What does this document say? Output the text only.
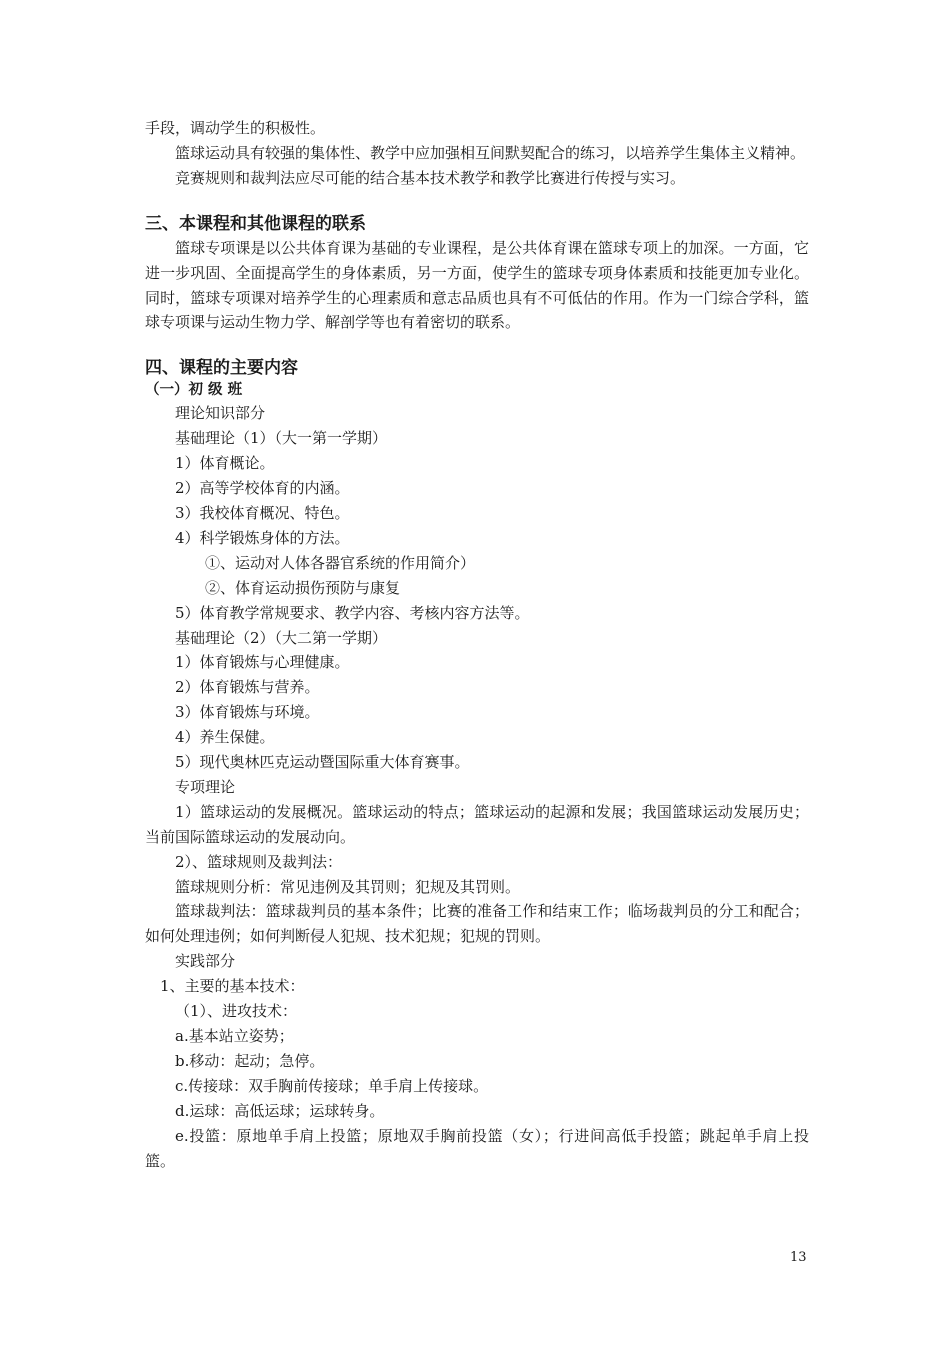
手段，调动学生的积极性。

篮球运动具有较强的集体性、教学中应加强相互间默契配合的练习，以培养学生集体主义精神。

竞赛规则和裁判法应尽可能的结合基本技术教学和教学比赛进行传授与实习。

三、本课程和其他课程的联系

篮球专项课是以公共体育课为基础的专业课程，是公共体育课在篮球专项上的加深。一方面，它进一步巩固、全面提高学生的身体素质，另一方面，使学生的篮球专项身体素质和技能更加专业化。同时，篮球专项课对培养学生的心理素质和意志品质也具有不可低估的作用。作为一门综合学科，篮球专项课与运动生物力学、解剖学等也有着密切的联系。

四、课程的主要内容
（一）初 级 班

理论知识部分

基础理论（1）（大一第一学期）

1）体育概论。

2）高等学校体育的内涵。

3）我校体育概况、特色。

4）科学锻炼身体的方法。

①、运动对人体各器官系统的作用简介）

②、体育运动损伤预防与康复

5）体育教学常规要求、教学内容、考核内容方法等。

基础理论（2）（大二第一学期）

1）体育锻炼与心理健康。

2）体育锻炼与营养。

3）体育锻炼与环境。

4）养生保健。

5）现代奥林匹克运动暨国际重大体育赛事。

专项理论

1）篮球运动的发展概况。篮球运动的特点；篮球运动的起源和发展；我国篮球运动发展历史；当前国际篮球运动的发展动向。

2）、篮球规则及裁判法：

篮球规则分析：常见违例及其罚则；犯规及其罚则。

篮球裁判法：篮球裁判员的基本条件；比赛的准备工作和结束工作；临场裁判员的分工和配合；如何处理违例；如何判断侵人犯规、技术犯规；犯规的罚则。

实践部分

1、主要的基本技术：

（1）、进攻技术：

a.基本站立姿势；

b.移动：起动；急停。

c.传接球：双手胸前传接球；单手肩上传接球。

d.运球：高低运球；运球转身。

e.投篮：原地单手肩上投篮；原地双手胸前投篮（女）；行进间高低手投篮；跳起单手肩上投篮。

13
